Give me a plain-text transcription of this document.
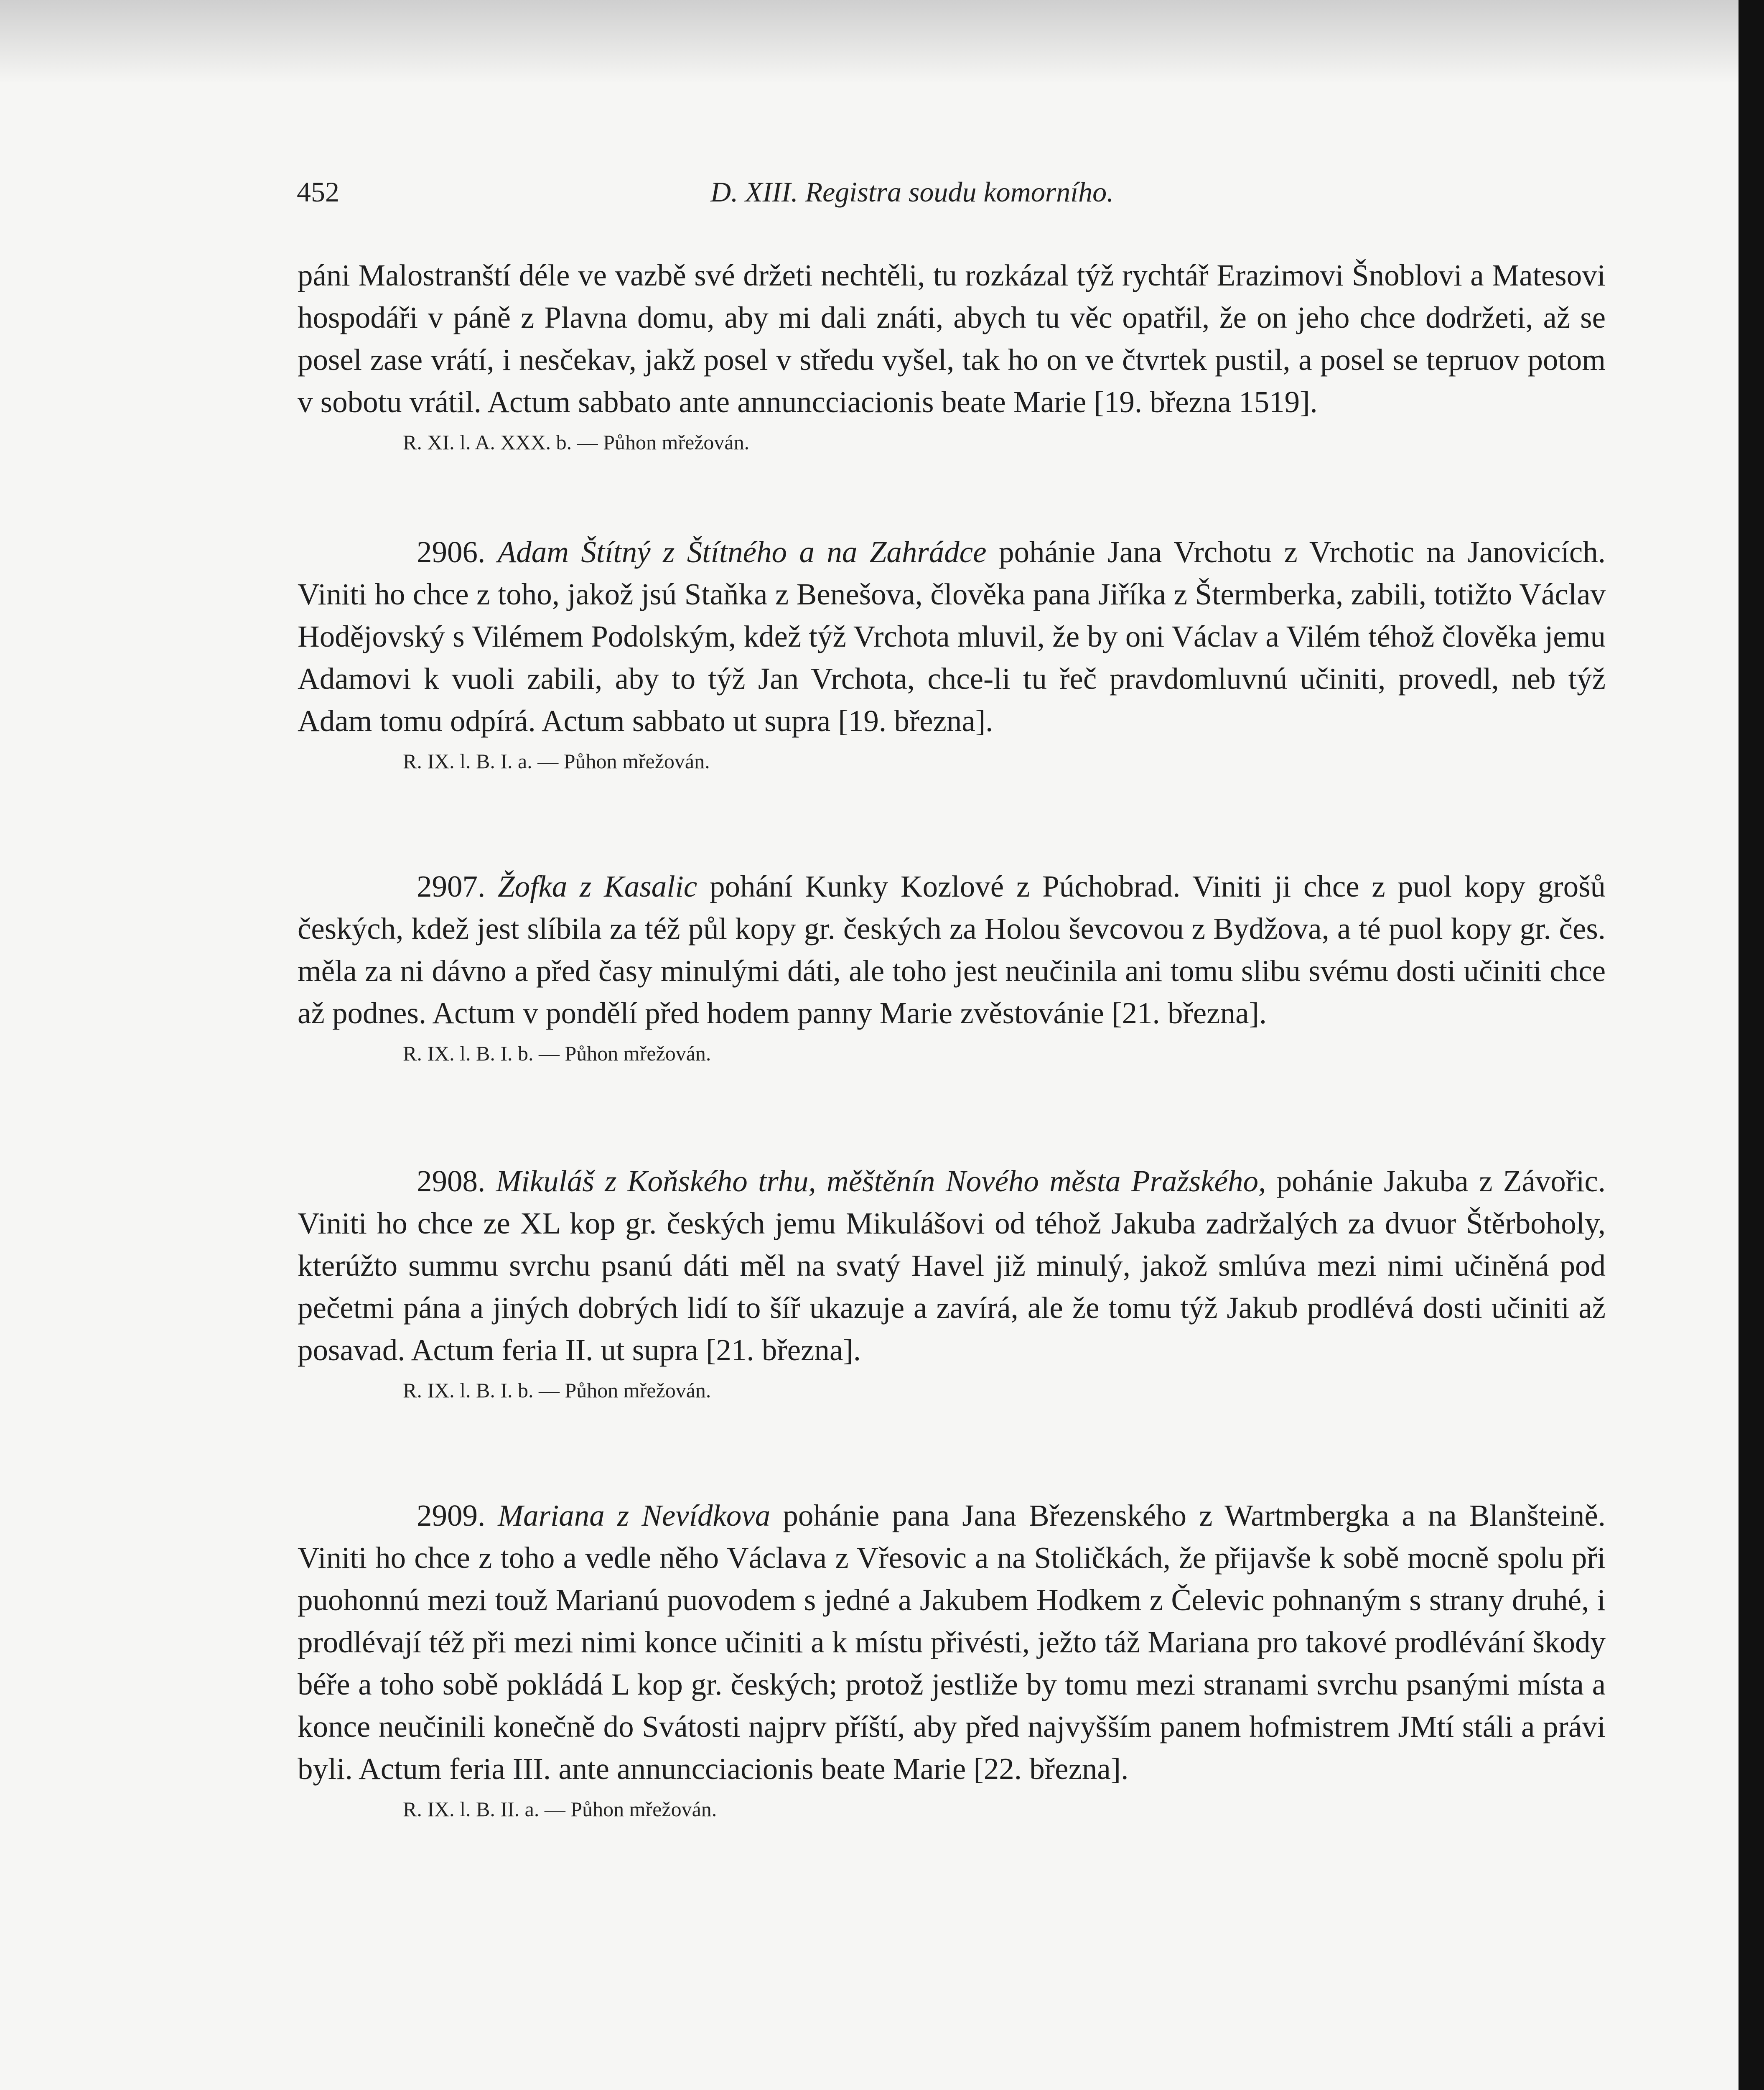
452	D. XIII. Registra soudu komorního.

páni Malostranští déle ve vazbě své držeti nechtěli, tu rozkázal týž rychtář Erazimovi Šnoblovi a Matesovi hospodáři v páně z Plavna domu, aby mi dali znáti, abych tu věc opatřil, že on jeho chce dodržeti, až se posel zase vrátí, i nesčekav, jakž posel v středu vyšel, tak ho on ve čtvrtek pustil, a posel se tepruov potom v sobotu vrátil. Actum sabbato ante annuncciacionis beate Marie [19. března 1519].

R. XI. l. A. XXX. b. — Půhon mřežován.

2906. Adam Štítný z Štítného a na Zahrádce pohánie Jana Vrchotu z Vrchotic na Janovicích. Viniti ho chce z toho, jakož jsú Staňka z Benešova, člověka pana Jiříka z Štermberka, zabili, totižto Václav Hodějovský s Vilémem Podolským, kdež týž Vrchota mluvil, že by oni Václav a Vilém téhož člověka jemu Adamovi k vuoli zabili, aby to týž Jan Vrchota, chce-li tu řeč pravdomluvnú učiniti, provedl, neb týž Adam tomu odpírá. Actum sabbato ut supra [19. března].

R. IX. l. B. I. a. — Půhon mřežován.

2907. Žofka z Kasalic pohání Kunky Kozlové z Púchobrad. Viniti ji chce z puol kopy grošů českých, kdež jest slíbila za též půl kopy gr. českých za Holou ševcovou z Bydžova, a té puol kopy gr. čes. měla za ni dávno a před časy minulými dáti, ale toho jest neučinila ani tomu slibu svému dosti učiniti chce až podnes. Actum v pondělí před hodem panny Marie zvěstovánie [21. března].

R. IX. l. B. I. b. — Půhon mřežován.

2908. Mikuláš z Koňského trhu, měštěnín Nového města Pražského, pohánie Jakuba z Závořic. Viniti ho chce ze XL kop gr. českých jemu Mikulášovi od téhož Jakuba zadržalých za dvuor Štěrboholy, kterúžto summu svrchu psanú dáti měl na svatý Havel již minulý, jakož smlúva mezi nimi učiněná pod pečetmi pána a jiných dobrých lidí to šíř ukazuje a zavírá, ale že tomu týž Jakub prodlévá dosti učiniti až posavad. Actum feria II. ut supra [21. března].

R. IX. l. B. I. b. — Půhon mřežován.

2909. Mariana z Nevídkova pohánie pana Jana Březenského z Wartmbergka a na Blanšteině. Viniti ho chce z toho a vedle něho Václava z Vřesovic a na Stoličkách, že přijavše k sobě mocně spolu při puohonnú mezi touž Marianú puovodem s jedné a Jakubem Hodkem z Čelevic pohnaným s strany druhé, i prodlévají též při mezi nimi konce učiniti a k místu přivésti, ježto táž Mariana pro takové prodlévání škody béře a toho sobě pokládá L kop gr. českých; protož jestliže by tomu mezi stranami svrchu psanými místa a konce neučinili konečně do Svátosti najprv příští, aby před najvyšším panem hofmistrem JMtí stáli a právi byli. Actum feria III. ante annuncciacionis beate Marie [22. března].

R. IX. l. B. II. a. — Půhon mřežován.
